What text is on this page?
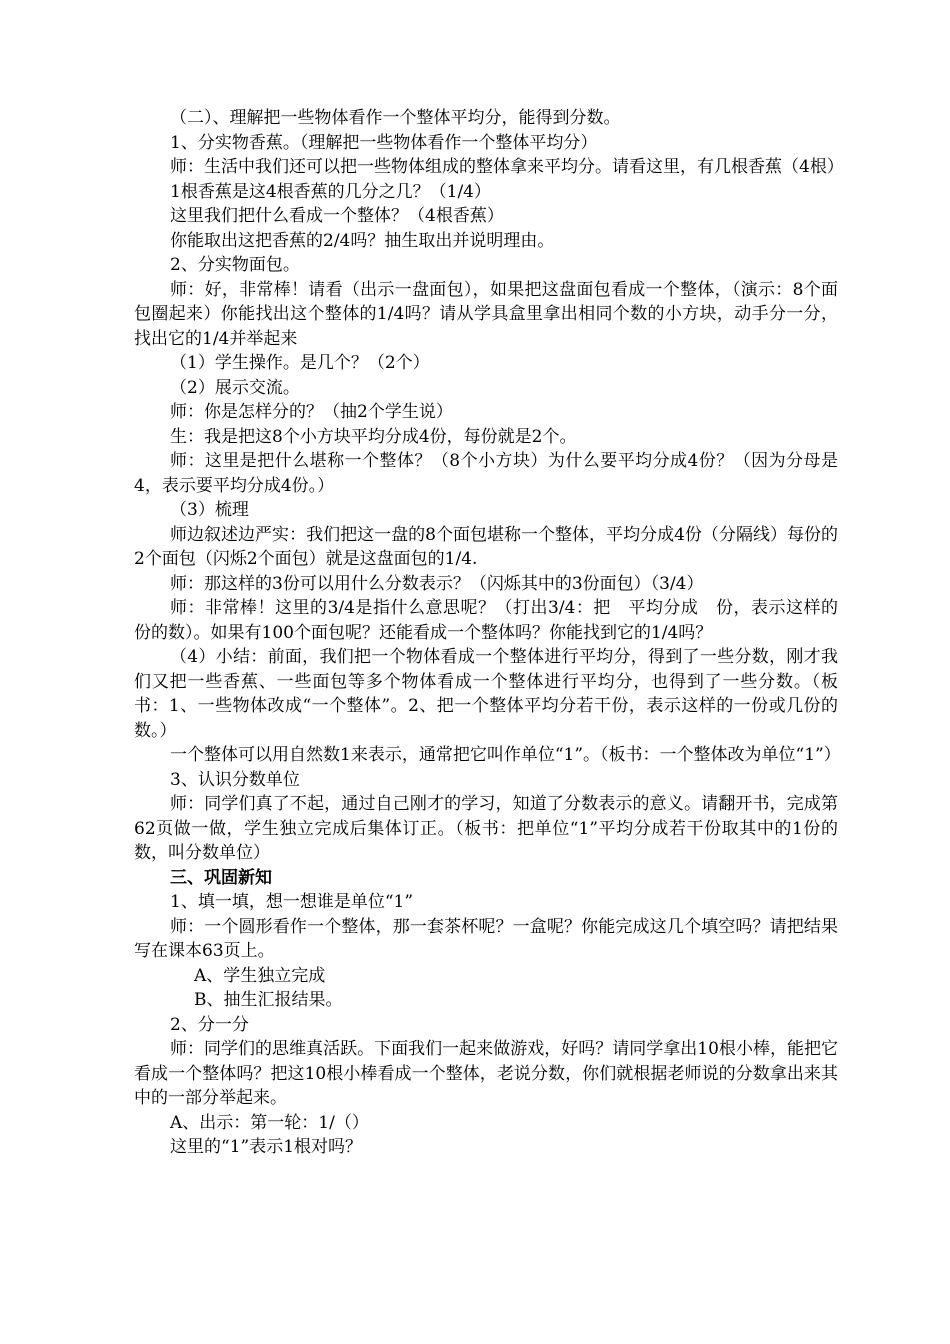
（二）、理解把一些物体看作一个整体平均分，能得到分数。

1、分实物香蕉。（理解把一些物体看作一个整体平均分）

师：生活中我们还可以把一些物体组成的整体拿来平均分。请看这里，有几根香蕉（4根）

1根香蕉是这4根香蕉的几分之几？（1/4）

这里我们把什么看成一个整体？（4根香蕉）

你能取出这把香蕉的2/4吗？抽生取出并说明理由。

2、分实物面包。

师：好，非常棒！请看（出示一盘面包），如果把这盘面包看成一个整体，（演示：8个面包圈起来）你能找出这个整体的1/4吗？请从学具盒里拿出相同个数的小方块，动手分一分，找出它的1/4并举起来

（1）学生操作。是几个？（2个）

（2）展示交流。

师：你是怎样分的？（抽2个学生说）

生：我是把这8个小方块平均分成4份，每份就是2个。

师：这里是把什么堪称一个整体？（8个小方块）为什么要平均分成4份？（因为分母是4，表示要平均分成4份。）

（3）梳理

师边叙述边严实：我们把这一盘的8个面包堪称一个整体，平均分成4份（分隔线）每份的2个面包（闪烁2个面包）就是这盘面包的1/4.

师：那这样的3份可以用什么分数表示？（闪烁其中的3份面包）（3/4）

师：非常棒！这里的3/4是指什么意思呢？（打出3/4：把　平均分成　份，表示这样的　份的数）。如果有100个面包呢？还能看成一个整体吗？你能找到它的1/4吗？

（4）小结：前面，我们把一个物体看成一个整体进行平均分，得到了一些分数，刚才我们又把一些香蕉、一些面包等多个物体看成一个整体进行平均分，也得到了一些分数。（板书：1、一些物体改成“一个整体”。2、把一个整体平均分若干份，表示这样的一份或几份的数。）

一个整体可以用自然数1来表示，通常把它叫作单位“1”。（板书：一个整体改为单位“1”）

3、认识分数单位

师：同学们真了不起，通过自己刚才的学习，知道了分数表示的意义。请翻开书，完成第62页做一做，学生独立完成后集体订正。（板书：把单位“1”平均分成若干份取其中的1份的数，叫分数单位）

三、巩固新知

1、填一填，想一想谁是单位“1”

师：一个圆形看作一个整体，那一套茶杯呢？一盒呢？你能完成这几个填空吗？请把结果写在课本63页上。

A、学生独立完成

B、抽生汇报结果。

2、分一分

师：同学们的思维真活跃。下面我们一起来做游戏，好吗？请同学拿出10根小棒，能把它看成一个整体吗？把这10根小棒看成一个整体，老说分数，你们就根据老师说的分数拿出来其中的一部分举起来。

A、出示：第一轮：1/（）

这里的“1”表示1根对吗？
